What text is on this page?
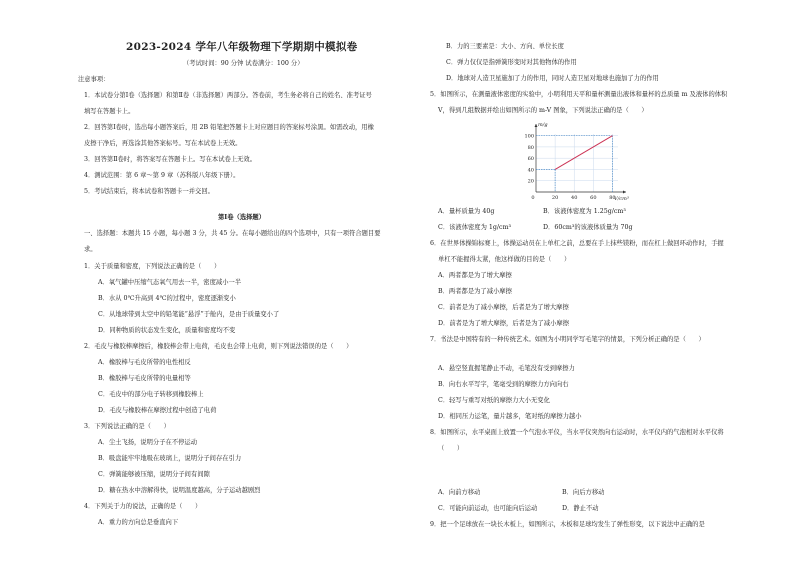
2023-2024 学年八年级物理下学期期中模拟卷
（考试时间：90 分钟 试卷满分：100 分）
注意事项：
1．本试卷分第Ⅰ卷（选择题）和第Ⅱ卷（非选择题）两部分。答卷前，考生务必将自己的姓名、准考证号
填写在答题卡上。
2．回答第Ⅰ卷时，选出每小题答案后，用 2B 铅笔把答题卡上对应题目的答案标号涂黑。如需改动，用橡
皮擦干净后，再选涂其他答案标号。写在本试卷上无效。
3．回答第Ⅱ卷时，将答案写在答题卡上。写在本试卷上无效。
4．测试范围：第 6 章～第 9 章（苏科版八年级下册）。
5．考试结束后，将本试卷和答题卡一并交回。
第Ⅰ卷（选择题）
一、选择题：本题共 15 小题，每小题 3 分，共 45 分。在每小题给出的四个选项中，只有一项符合题目要
求。
1．关于质量和密度，下列说法正确的是（　　）
A．氧气罐中压缩气态氧气用去一半，密度减小一半
B．水从 0℃升高到 4℃的过程中，密度逐渐变小
C．从地球带到太空中的铅笔能“悬浮”于舱内，是由于质量变小了
D．同种物质的状态发生变化，质量和密度均不变
2．毛皮与橡胶棒摩擦后，橡胶棒会带上电荷，毛皮也会带上电荷，则下列说法错误的是（　　）
A．橡胶棒与毛皮所带的电性相反
B．橡胶棒与毛皮所带的电量相等
C．毛皮中的部分电子转移到橡胶棒上
D．毛皮与橡胶棒在摩擦过程中创造了电荷
3．下列说法正确的是（　　）
A．尘土飞扬，说明分子在不停运动
B．吸盘能牢牢地吸在玻璃上，说明分子间存在引力
C．弹簧能够被压缩，说明分子间有间隙
D．糖在热水中溶解得快，说明温度越高，分子运动越剧烈
4．下列关于力的说法，正确的是（　　）
A．重力的方向总是垂直向下
B．力的三要素是：大小、方向、单位长度
C．弹力仅仅是指弹簧形变时对其他物体的作用
D．地球对人造卫星施加了力的作用，同时人造卫星对地球也施加了力的作用
5．如图所示，在测量液体密度的实验中，小明利用天平和量杯测量出液体和量杯的总质量 m 及液体的体积
V，得到几组数据并绘出如图所示的 m-V 图象，下列说法正确的是（　　）
20
40
60
80
100
0	20	40	60	80
m/g
V/cm³
A．量杯质量为 40g	B．该液体密度为 1.25g/cm³
C．该液体密度为 1g/cm³	D．60cm³的该液体质量为 70g
6．在世界体操锦标赛上，体操运动员在上单杠之前，总要在手上抹些镁粉，而在杠上做回环动作时，手握
单杠不能握得太紧，他这样做的目的是（　　）
A．两者都是为了增大摩擦
B．两者都是为了减小摩擦
C．前者是为了减小摩擦，后者是为了增大摩擦
D．前者是为了增大摩擦，后者是为了减小摩擦
7．书法是中国特有的一种传统艺术。如图为小明同学写毛笔字的情景，下列分析正确的是（　　）
A．悬空竖直握笔静止不动，毛笔没有受到摩擦力
B．向右水平写字，笔毫受到的摩擦力方向向右
C．轻写与重写对纸的摩擦力大小无变化
D．相同压力运笔，量片越多，笔对纸的摩擦力越小
8．如图所示，水平桌面上放置一个气泡水平仪，当水平仪突然向右运动时，水平仪内的气泡相对水平仪将
（　　）
A．向前方移动	B．向后方移动
C．可能向前运动，也可能向后运动	D．静止不动
9．把一个足球放在一块长木板上，如图所示，木板和足球均发生了弹性形变，以下说法中正确的是
